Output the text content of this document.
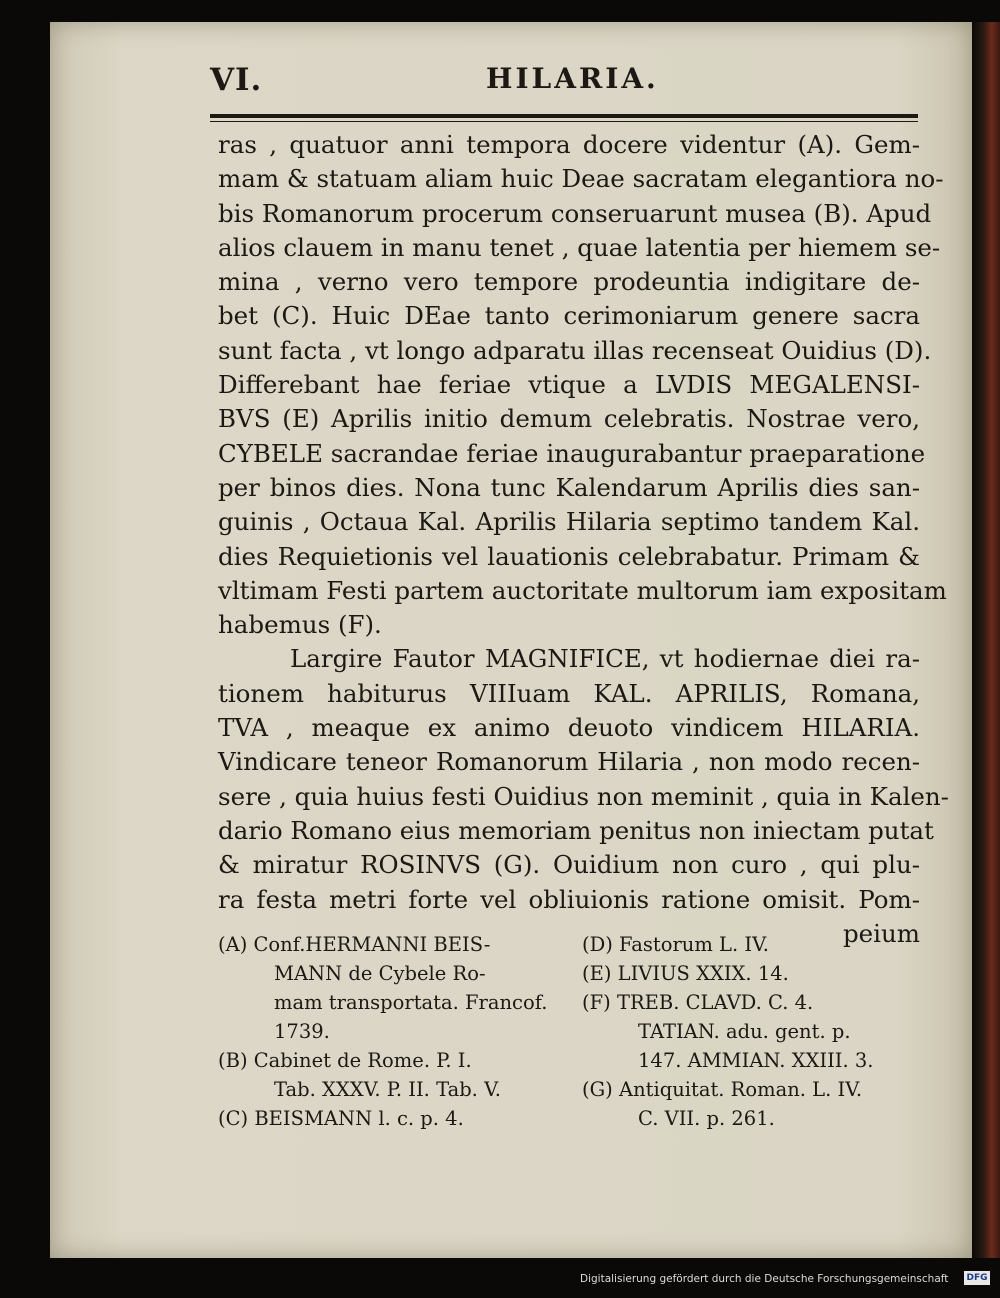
VI.	HILARIA.
ras , quatuor anni tempora docere videntur (A). Gem-
mam & statuam aliam huic Deae sacratam elegantiora no-
bis Romanorum procerum conseruarunt musea (B). Apud
alios clauem in manu tenet , quae latentia per hiemem se-
mina , verno vero tempore prodeuntia indigitare de-
bet (C). Huic DEae tanto cerimoniarum genere sacra
sunt facta , vt longo adparatu illas recenseat Ouidius (D).
Differebant hae feriae vtique a LVDIS MEGALENSI-
BVS (E) Aprilis initio demum celebratis. Nostrae vero,
CYBELE sacrandae feriae inaugurabantur praeparatione
per binos dies. Nona tunc Kalendarum Aprilis dies san-
guinis , Octaua Kal. Aprilis Hilaria septimo tandem Kal.
dies Requietionis vel lauationis celebrabatur. Primam &
vltimam Festi partem auctoritate multorum iam expositam
habemus (F).
Largire Fautor MAGNIFICE, vt hodiernae diei ra-
tionem habiturus VIIIuam KAL. APRILIS, Romana,
TVA , meaque ex animo deuoto vindicem HILARIA.
Vindicare teneor Romanorum Hilaria , non modo recen-
sere , quia huius festi Ouidius non meminit , quia in Kalen-
dario Romano eius memoriam penitus non iniectam putat
& miratur ROSINVS (G). Ouidium non curo , qui plu-
ra festa metri forte vel obliuionis ratione omisit. Pom-
peium
(A) Conf.HERMANNI BEIS-
MANN de Cybele Ro-
mam transportata. Francof.
1739.
(B) Cabinet de Rome. P. I.
Tab. XXXV. P. II. Tab. V.
(C) BEISMANN l. c. p. 4.
(D) Fastorum L. IV.
(E) LIVIUS XXIX. 14.
(F) TREB. CLAVD. C. 4.
TATIAN. adu. gent. p.
147. AMMIAN. XXIII. 3.
(G) Antiquitat. Roman. L. IV.
C. VII. p. 261.
Digitalisierung gefördert durch die Deutsche Forschungsgemeinschaft DFG
